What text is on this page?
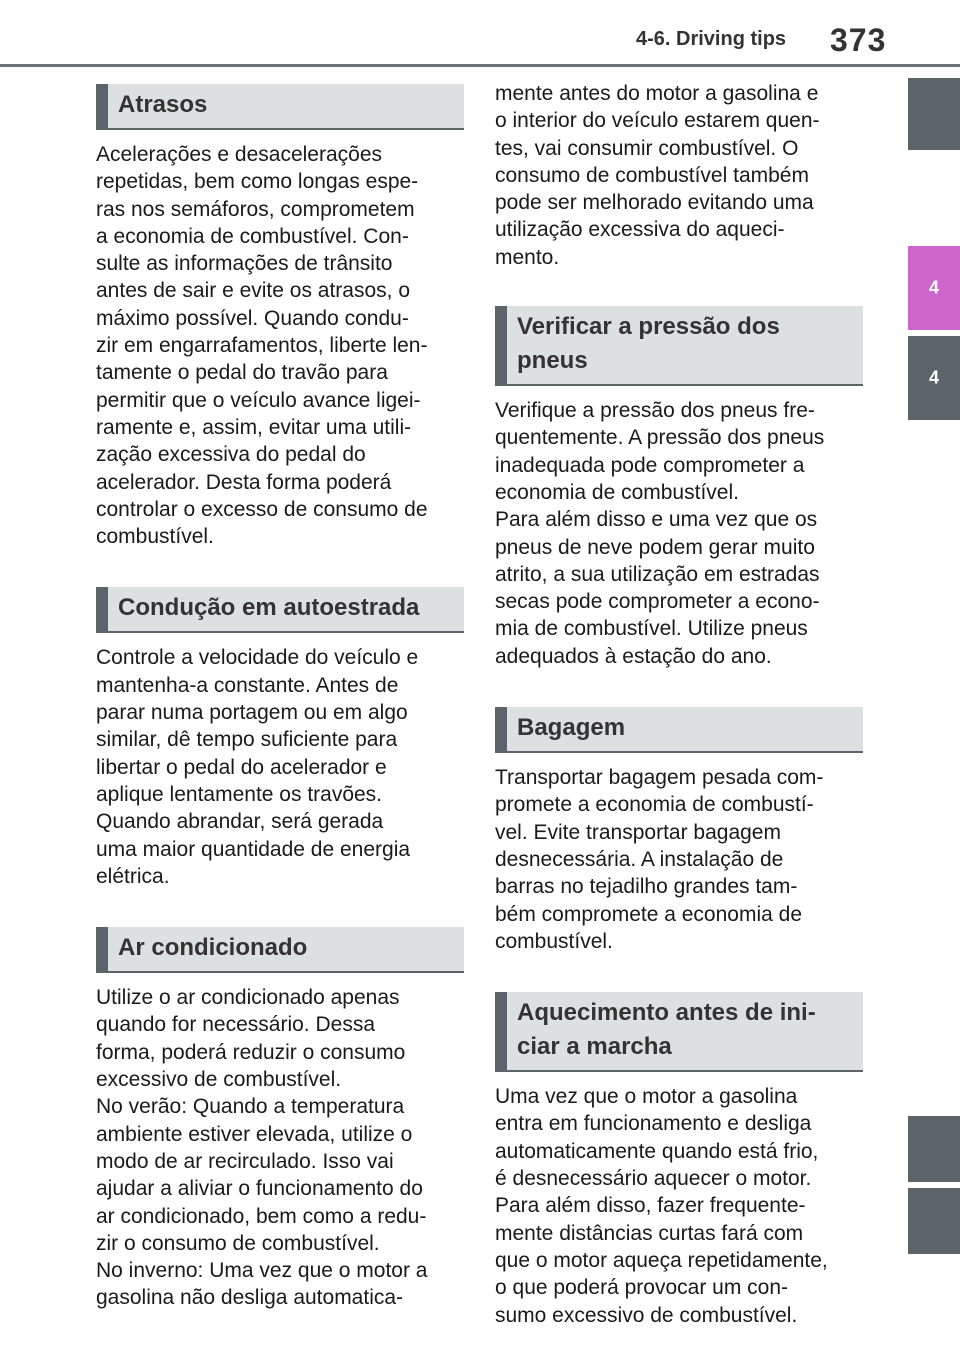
4-6. Driving tips 373
4
4
Atrasos

Acelerações e desacelerações
repetidas, bem como longas espe-
ras nos semáforos, comprometem
a economia de combustível. Con-
sulte as informações de trânsito
antes de sair e evite os atrasos, o
máximo possível. Quando condu-
zir em engarrafamentos, liberte len-
tamente o pedal do travão para
permitir que o veículo avance ligei-
ramente e, assim, evitar uma utili-
zação excessiva do pedal do
acelerador. Desta forma poderá
controlar o excesso de consumo de
combustível.

Condução em autoestrada

Controle a velocidade do veículo e
mantenha-a constante. Antes de
parar numa portagem ou em algo
similar, dê tempo suficiente para
libertar o pedal do acelerador e
aplique lentamente os travões.
Quando abrandar, será gerada
uma maior quantidade de energia
elétrica.

Ar condicionado

Utilize o ar condicionado apenas
quando for necessário. Dessa
forma, poderá reduzir o consumo
excessivo de combustível.
No verão: Quando a temperatura
ambiente estiver elevada, utilize o
modo de ar recirculado. Isso vai
ajudar a aliviar o funcionamento do
ar condicionado, bem como a redu-
zir o consumo de combustível.
No inverno: Uma vez que o motor a
gasolina não desliga automatica-

mente antes do motor a gasolina e
o interior do veículo estarem quen-
tes, vai consumir combustível. O
consumo de combustível também
pode ser melhorado evitando uma
utilização excessiva do aqueci-
mento.

Verificar a pressão dos
pneus

Verifique a pressão dos pneus fre-
quentemente. A pressão dos pneus
inadequada pode comprometer a
economia de combustível.
Para além disso e uma vez que os
pneus de neve podem gerar muito
atrito, a sua utilização em estradas
secas pode comprometer a econo-
mia de combustível. Utilize pneus
adequados à estação do ano.

Bagagem

Transportar bagagem pesada com-
promete a economia de combustí-
vel. Evite transportar bagagem
desnecessária. A instalação de
barras no tejadilho grandes tam-
bém compromete a economia de
combustível.

Aquecimento antes de ini-
ciar a marcha

Uma vez que o motor a gasolina
entra em funcionamento e desliga
automaticamente quando está frio,
é desnecessário aquecer o motor.
Para além disso, fazer frequente-
mente distâncias curtas fará com
que o motor aqueça repetidamente,
o que poderá provocar um con-
sumo excessivo de combustível.
